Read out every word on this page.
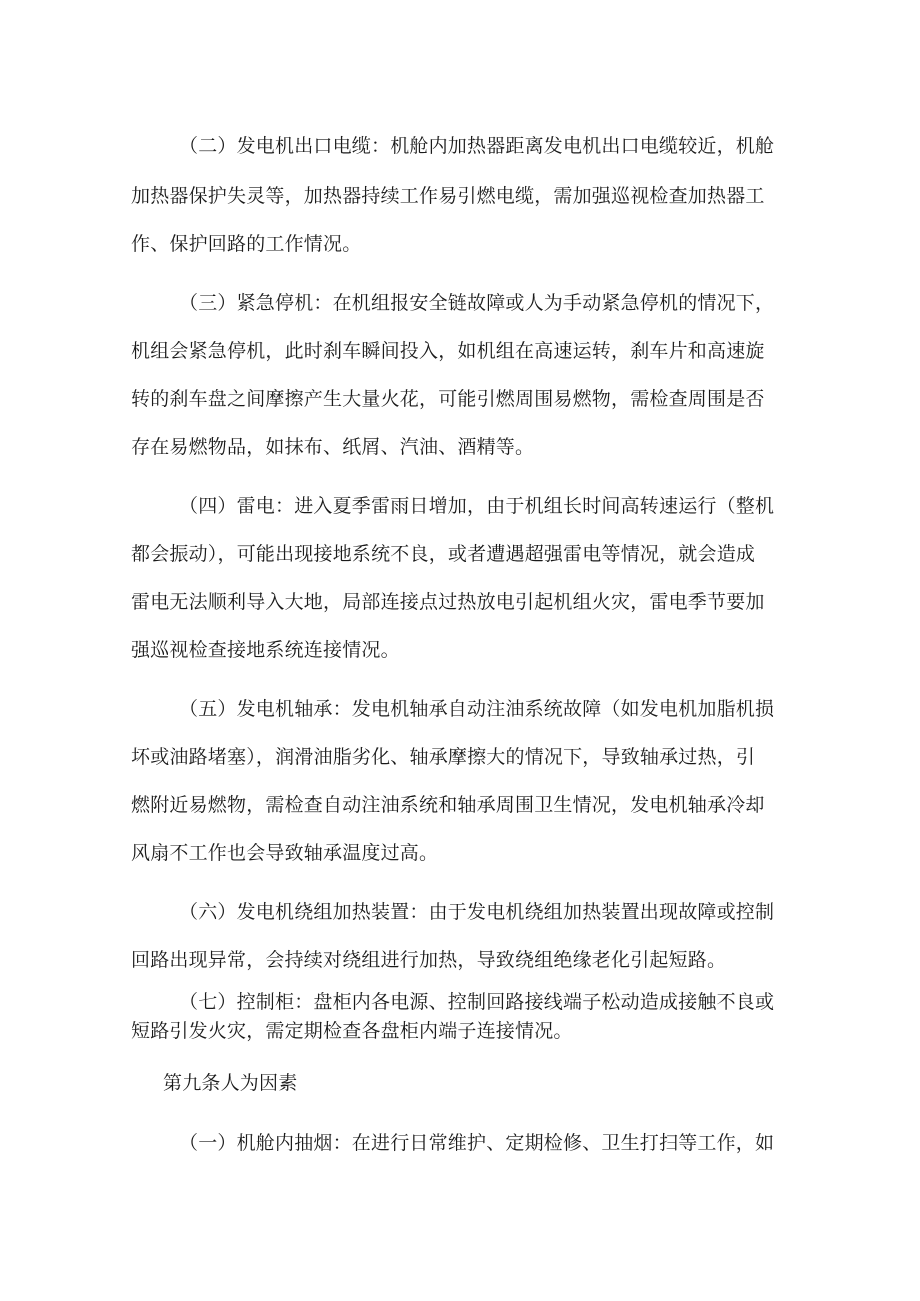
（二）发电机出口电缆：机舱内加热器距离发电机出口电缆较近，机舱
加热器保护失灵等，加热器持续工作易引燃电缆，需加强巡视检查加热器工
作、保护回路的工作情况。
（三）紧急停机：在机组报安全链故障或人为手动紧急停机的情况下，
机组会紧急停机，此时刹车瞬间投入，如机组在高速运转，刹车片和高速旋
转的刹车盘之间摩擦产生大量火花，可能引燃周围易燃物，需检查周围是否
存在易燃物品，如抹布、纸屑、汽油、酒精等。
（四）雷电：进入夏季雷雨日增加，由于机组长时间高转速运行（整机
都会振动），可能出现接地系统不良，或者遭遇超强雷电等情况，就会造成
雷电无法顺利导入大地，局部连接点过热放电引起机组火灾，雷电季节要加
强巡视检查接地系统连接情况。
（五）发电机轴承：发电机轴承自动注油系统故障（如发电机加脂机损
坏或油路堵塞），润滑油脂劣化、轴承摩擦大的情况下，导致轴承过热，引
燃附近易燃物，需检查自动注油系统和轴承周围卫生情况，发电机轴承冷却
风扇不工作也会导致轴承温度过高。
（六）发电机绕组加热装置：由于发电机绕组加热装置出现故障或控制
回路出现异常，会持续对绕组进行加热，导致绕组绝缘老化引起短路。
（七）控制柜：盘柜内各电源、控制回路接线端子松动造成接触不良或
短路引发火灾，需定期检查各盘柜内端子连接情况。
第九条人为因素
（一）机舱内抽烟：在进行日常维护、定期检修、卫生打扫等工作，如
